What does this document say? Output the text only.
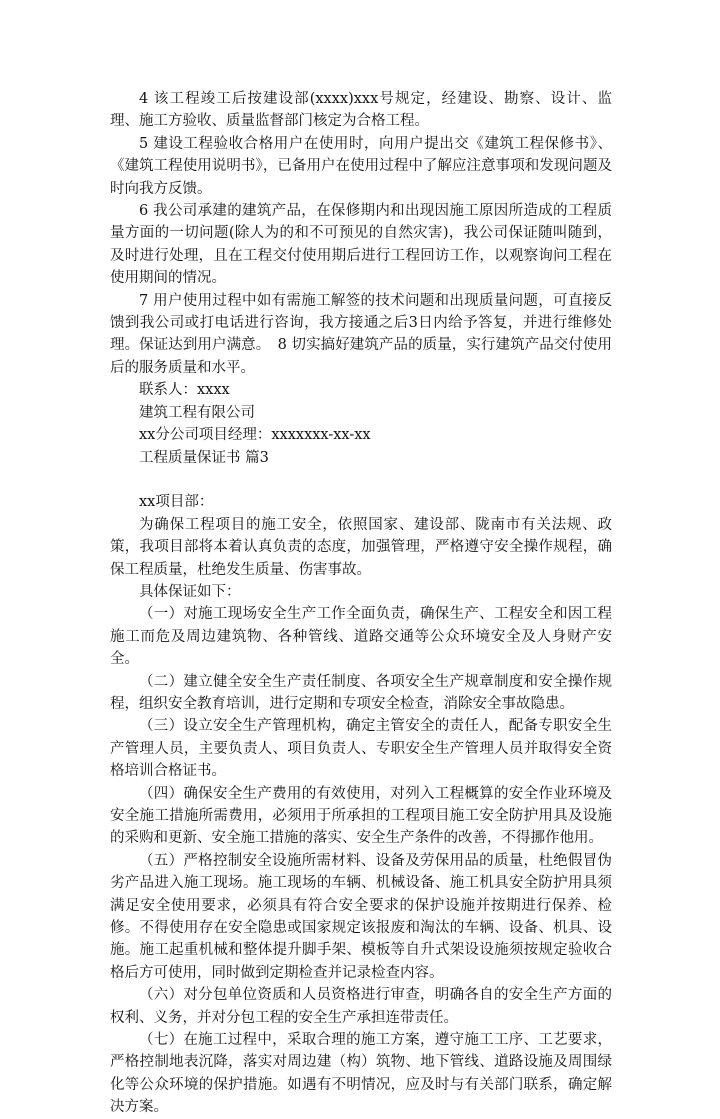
4 该工程竣工后按建设部(xxxx)xxx号规定，经建设、勘察、设计、监理、施工方验收、质量监督部门核定为合格工程。

5 建设工程验收合格用户在使用时，向用户提出交《建筑工程保修书》、《建筑工程使用说明书》，已备用户在使用过程中了解应注意事项和发现问题及时向我方反馈。

6 我公司承建的建筑产品，在保修期内和出现因施工原因所造成的工程质量方面的一切问题(除人为的和不可预见的自然灾害)，我公司保证随叫随到，及时进行处理，且在工程交付使用期后进行工程回访工作，以观察询问工程在使用期间的情况。

7 用户使用过程中如有需施工解签的技术问题和出现质量问题，可直接反馈到我公司或打电话进行咨询，我方接通之后3日内给予答复，并进行维修处理。保证达到用户满意。　8 切实搞好建筑产品的质量，实行建筑产品交付使用后的服务质量和水平。

联系人：xxxx

建筑工程有限公司

xx分公司项目经理：xxxxxxx-xx-xx

工程质量保证书 篇3

xx项目部：

为确保工程项目的施工安全，依照国家、建设部、陇南市有关法规、政策，我项目部将本着认真负责的态度，加强管理，严格遵守安全操作规程，确保工程质量，杜绝发生质量、伤害事故。

具体保证如下：

（一）对施工现场安全生产工作全面负责，确保生产、工程安全和因工程施工而危及周边建筑物、各种管线、道路交通等公众环境安全及人身财产安全。

（二）建立健全安全生产责任制度、各项安全生产规章制度和安全操作规程，组织安全教育培训，进行定期和专项安全检查，消除安全事故隐患。

（三）设立安全生产管理机构，确定主管安全的责任人，配备专职安全生产管理人员，主要负责人、项目负责人、专职安全生产管理人员并取得安全资格培训合格证书。

（四）确保安全生产费用的有效使用，对列入工程概算的安全作业环境及安全施工措施所需费用，必须用于所承担的工程项目施工安全防护用具及设施的采购和更新、安全施工措施的落实、安全生产条件的改善，不得挪作他用。

（五）严格控制安全设施所需材料、设备及劳保用品的质量，杜绝假冒伪劣产品进入施工现场。施工现场的车辆、机械设备、施工机具安全防护用具须满足安全使用要求，必须具有符合安全要求的保护设施并按期进行保养、检修。不得使用存在安全隐患或国家规定该报废和淘汰的车辆、设备、机具、设施。施工起重机械和整体提升脚手架、模板等自升式架设设施须按规定验收合格后方可使用，同时做到定期检查并记录检查内容。

（六）对分包单位资质和人员资格进行审查，明确各自的安全生产方面的权利、义务，并对分包工程的安全生产承担连带责任。

（七）在施工过程中，采取合理的施工方案，遵守施工工序、工艺要求，严格控制地表沉降，落实对周边建（构）筑物、地下管线、道路设施及周围绿化等公众环境的保护措施。如遇有不明情况，应及时与有关部门联系，确定解决方案。
